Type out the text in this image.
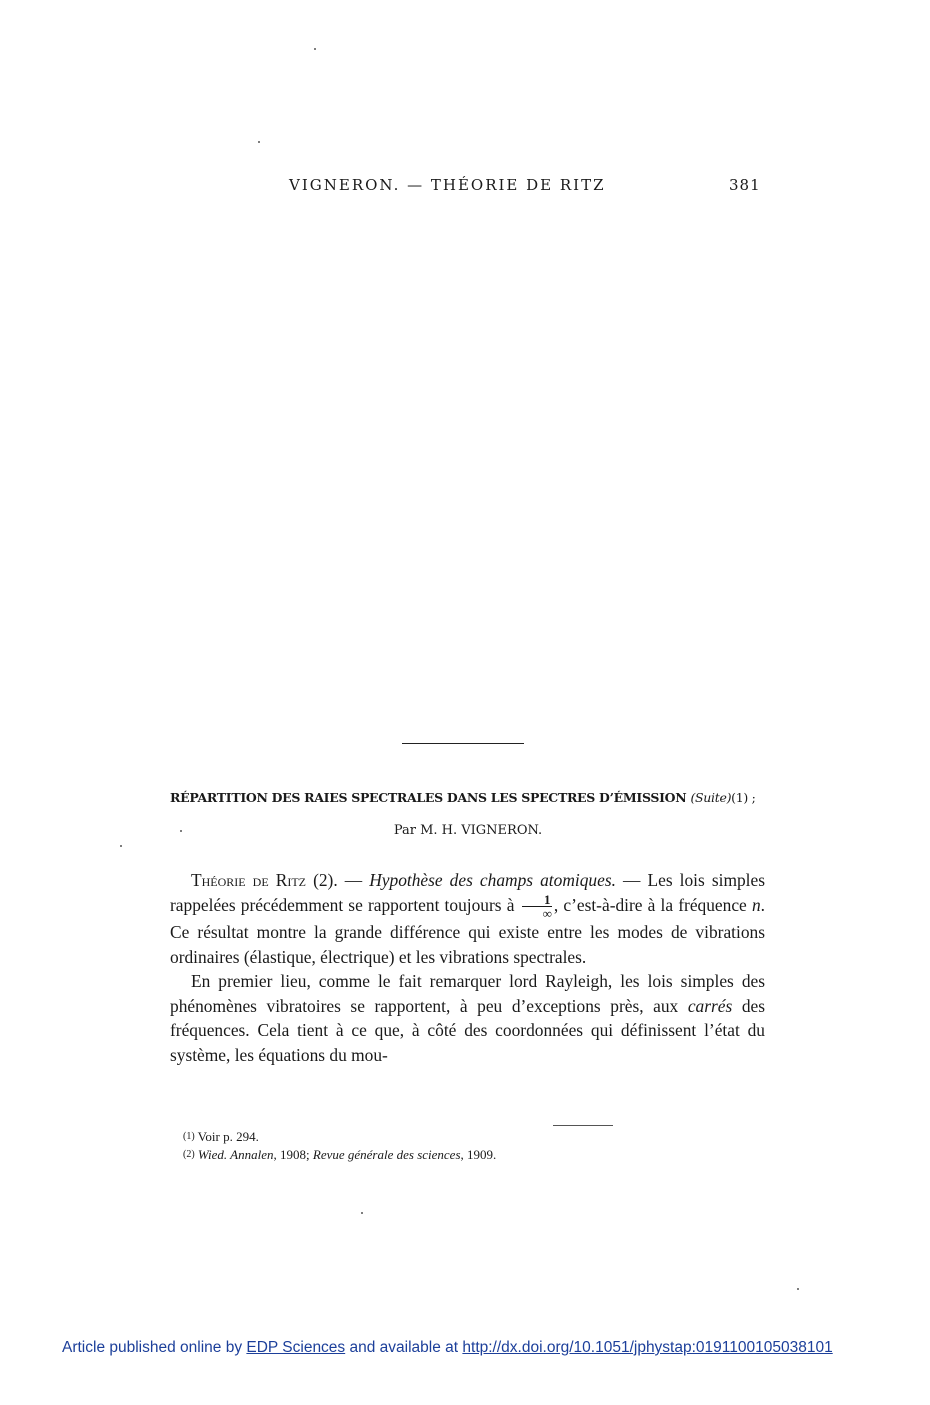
VIGNERON. — THÉORIE DE RITZ	381
RÉPARTITION DES RAIES SPECTRALES DANS LES SPECTRES D’ÉMISSION (Suite)(1) ;
Par M. H. VIGNERON.

Théorie de Ritz (2). — Hypothèse des champs atomiques. — Les lois simples rappelées précédemment se rapportent toujours à $\frac{1}{\infty}$ , c’est-à-dire à la fréquence n. Ce résultat montre la grande différence qui existe entre les modes de vibrations ordinaires (élastique, électrique) et les vibrations spectrales.

En premier lieu, comme le fait remarquer lord Rayleigh, les lois simples des phénomènes vibratoires se rapportent, à peu d’exceptions près, aux carrés des fréquences. Cela tient à ce que, à côté des coordonnées qui définissent l’état du système, les équations du mou-

$^{(1)}$ Voir p. 294.
$^{(2)}$ Wied. Annalen, 1908; Revue générale des sciences, 1909.
Article published online by EDP Sciences and available at http://dx.doi.org/10.1051/jphystap:0191100105038101
